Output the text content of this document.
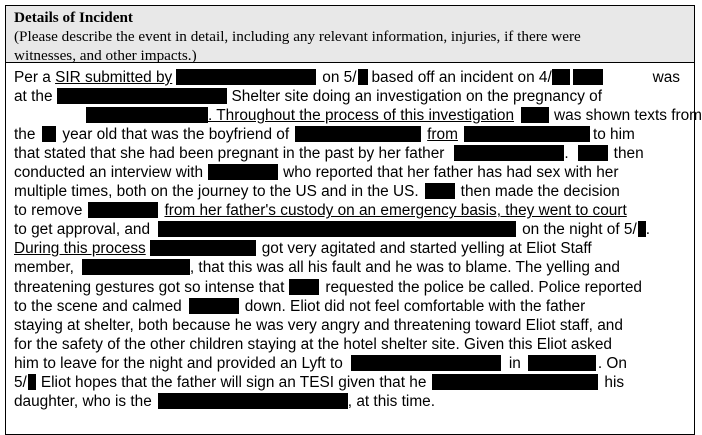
Details of Incident
(Please describe the event in detail, including any relevant information, injuries, if there were
witnesses, and other impacts.)
Per a SIR submitted by	on 5/ based off an incident on 4/	was
at the	Shelter site doing an investigation on the pregnancy of
. Throughout the process of this investigation	was shown texts from
the year old that was the boyfriend of	from	to him
that stated that she had been pregnant in the past by her father	.	then
conducted an interview with	who reported that her father has had sex with her
multiple times, both on the journey to the US and in the US.	then made the decision
to remove	from her father's custody on an emergency basis, they went to court
to get approval, and	on the night of 5/ .
During this process	got very agitated and started yelling at Eliot Staff
member,	, that this was all his fault and he was to blame. The yelling and
threatening gestures got so intense that	requested the police be called. Police reported
to the scene and calmed	down. Eliot did not feel comfortable with the father
staying at shelter, both because he was very angry and threatening toward Eliot staff, and
for the safety of the other children staying at the hotel shelter site. Given this Eliot asked
him to leave for the night and provided an Lyft to	in	. On
5/ Eliot hopes that the father will sign an TESI given that he	his
daughter, who is the	, at this time.
